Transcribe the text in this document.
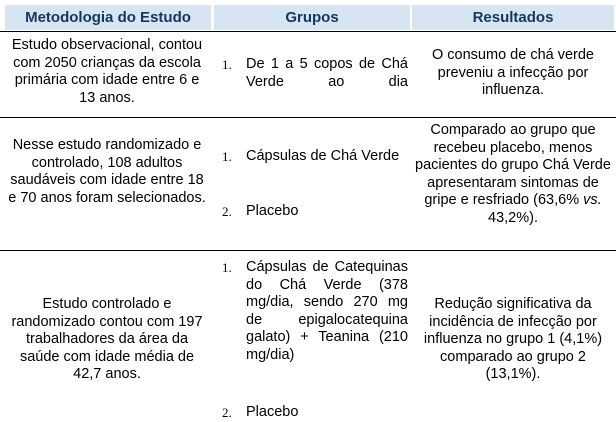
Metodologia do Estudo	Grupos	Resultados
Estudo observacional, contou com 2050 crianças da escola primária com idade entre 6 e 13 anos.
1. De 1 a 5 copos de Chá Verde ao dia
O consumo de chá verde preveniu a infecção por influenza.
Nesse estudo randomizado e controlado, 108 adultos saudáveis com idade entre 18 e 70 anos foram selecionados.
1. Cápsulas de Chá Verde
2. Placebo
Comparado ao grupo que recebeu placebo, menos pacientes do grupo Chá Verde apresentaram sintomas de gripe e resfriado (63,6% vs. 43,2%).
Estudo controlado e randomizado contou com 197 trabalhadores da área da saúde com idade média de 42,7 anos.
1. Cápsulas de Catequinas do Chá Verde (378 mg/dia, sendo 270 mg de epigalocatequina galato) + Teanina (210 mg/dia)
2. Placebo
Redução significativa da incidência de infecção por influenza no grupo 1 (4,1%) comparado ao grupo 2 (13,1%).
